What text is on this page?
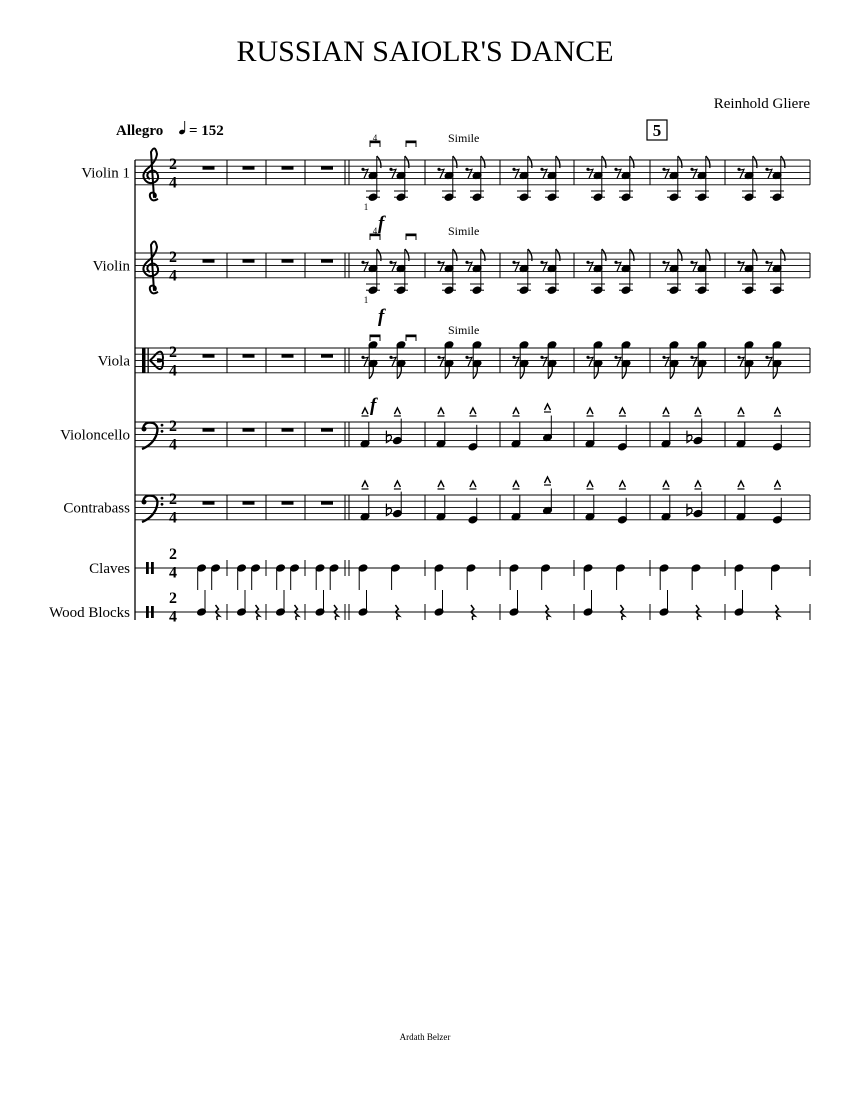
RUSSIAN SAIOLR'S DANCE
Reinhold Gliere
Allegro = 152	5
Ardath Belzer
Violin 1
2
4
Violin
2
4
Viola
2
4
Violoncello
2
4
Contrabass
2
4
Claves
2
4
Wood Blocks
2
4
4
1
Simile
4
1
Simile
Simile
f
f
f
